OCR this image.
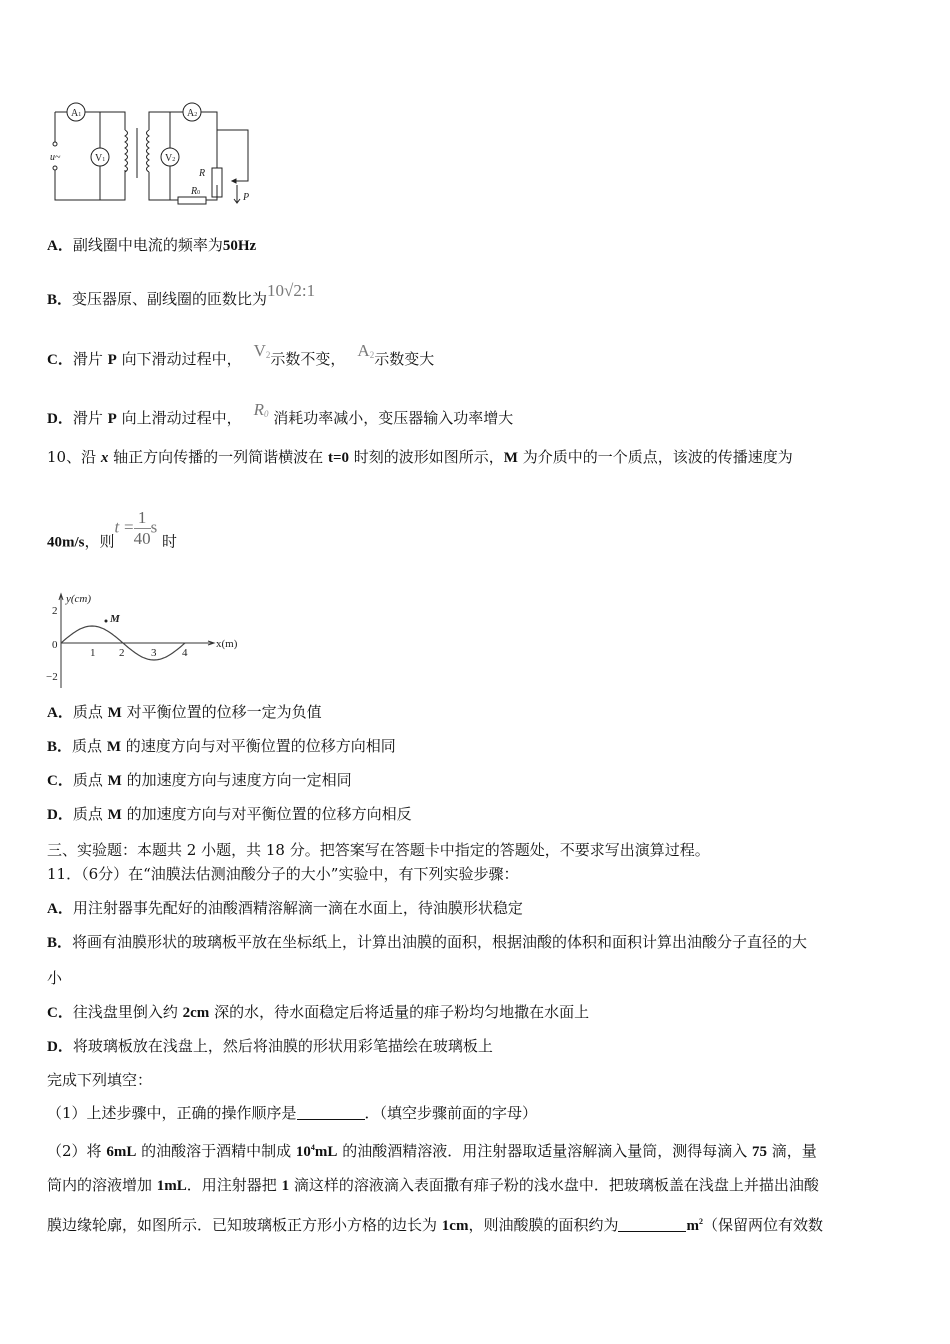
A1
V1
A2
V2
u~
R
R0	P
A．副线圈中电流的频率为50Hz
B．变压器原、副线圈的匝数比为10√2:1
C．滑片 P 向下滑动过程中， $V_2$示数不变， $A_2$示数变大
D．滑片 P 向上滑动过程中， $R_0$ 消耗功率减小，变压器输入功率增大
10、沿 x 轴正方向传播的一列简谐横波在 t=0 时刻的波形如图所示，M 为介质中的一个质点，该波的传播速度为
40m/s，则$t = \frac{1}{40}$ s 时
y(cm)
x(m)
M
2
0
−2
1 2 3 4
A．质点 M 对平衡位置的位移一定为负值
B．质点 M 的速度方向与对平衡位置的位移方向相同
C．质点 M 的加速度方向与速度方向一定相同
D．质点 M 的加速度方向与对平衡位置的位移方向相反
三、实验题：本题共 2 小题，共 18 分。把答案写在答题卡中指定的答题处，不要求写出演算过程。
11．（6分）在“油膜法估测油酸分子的大小”实验中，有下列实验步骤：
A．用注射器事先配好的油酸酒精溶解滴一滴在水面上，待油膜形状稳定
B．将画有油膜形状的玻璃板平放在坐标纸上，计算出油膜的面积，根据油酸的体积和面积计算出油酸分子直径的大
小
C．往浅盘里倒入约 2cm 深的水，待水面稳定后将适量的痱子粉均匀地撒在水面上
D．将玻璃板放在浅盘上，然后将油膜的形状用彩笔描绘在玻璃板上
完成下列填空：
（1）上述步骤中，正确的操作顺序是	．（填空步骤前面的字母）
（2）将 6mL 的油酸溶于酒精中制成 $10^4mL$ 的油酸酒精溶液．用注射器取适量溶解滴入量筒，测得每滴入 75 滴，量
筒内的溶液增加 1mL．用注射器把 1 滴这样的溶液滴入表面撒有痱子粉的浅水盘中．把玻璃板盖在浅盘上并描出油酸
膜边缘轮廓，如图所示．已知玻璃板正方形小方格的边长为 1cm，则油酸膜的面积约为	$m^2$（保留两位有效数
